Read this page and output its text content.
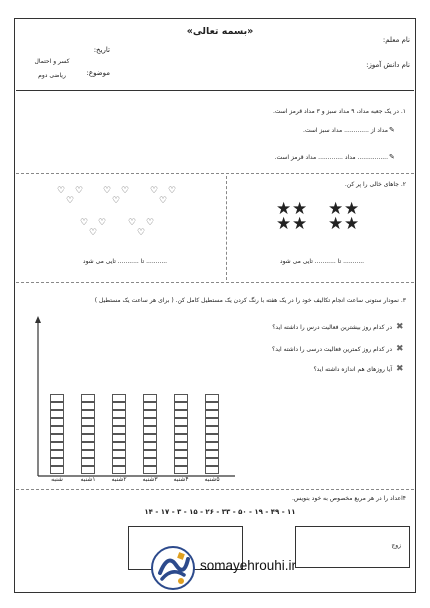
«بسمه تعالی»
نام معلم:
تاریخ:
نام دانش آموز:
کسر و احتمال
موضوع:
ریاضی دوم
۱. در یک جعبه مداد، ۹ مداد سبز و ۳ مداد قرمز است.
مداد از ............. مداد سبز است. ✎
................ مداد ............. مداد قرمز است. ✎
۲. جاهای خالی را پر کن.
♡ ♡
♡
♡ ♡
♡
♡ ♡
♡
♡ ♡
♡
♡ ♡
♡
........... تا ........... تایی می شود
★ ★
★ ★
★ ★
★ ★
........... تا ........... تایی می شود
۳. نمودار ستونی ساعت انجام تکالیف خود را در یک هفته با رنگ کردن یک مستطیل کامل کن. ( برای هر ساعت یک مستطیل )
در کدام روز بیشترین فعالیت درس را داشته اید؟ ✖
در کدام روز کمترین فعالیت درسی را داشته اید؟ ✖
آیا روزهای هم اندازه داشته اید؟ ✖
شنبه	۱شنبه	۲شنبه	۳شنبه	۴شنبه	۵شنبه
۴اعداد را در هر مربع مخصوص به خود بنویس.
۱۴ - ۱۷ - ۳ - ۱۵ - ۲۶ - ۳۳ - ۵۰ - ۱۹ - ۴۹ - ۱۱
زوج
somayehrouhi.ir
